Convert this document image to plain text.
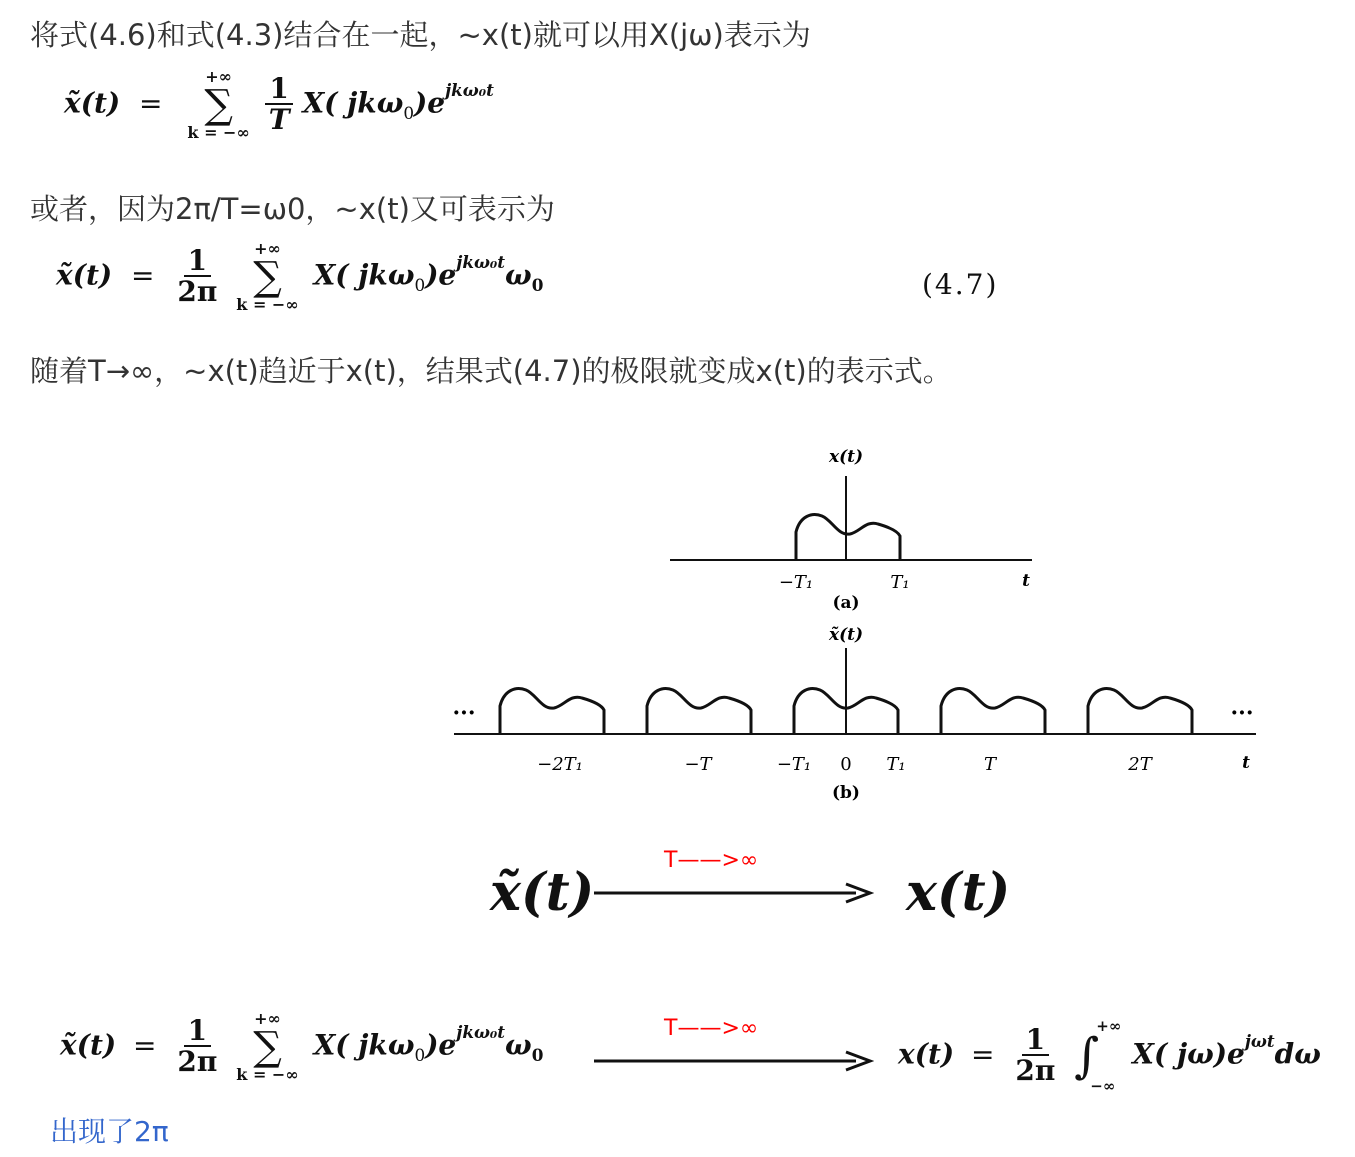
将式(4.6)和式(4.3)结合在一起，~x(t)就可以用X(jω)表示为
x̃(t) =
+∞
∑
k = −∞
$\frac{1}{T} X$( $jk\omega_0)e^{jk\omega_0t}$
或者，因为2π/T=ω0，~x(t)又可表示为
x̃(t) = $\frac{1}{2\pi}$
+∞
∑
k = −∞
X( $jk\omega_0)e^{jk\omega_0t}\omega_0$	(4.7)
随着T→∞，~x(t)趋近于x(t)，结果式(4.7)的极限就变成x(t)的表示式。
x(t)
−T₁	T₁	t
(a)
x̃(t)
···	···
−2T₁	−T	−T₁ 0 T₁	T	2T	t
(b)
x̃(t)
T——>∞
x(t)
x̃(t) = $\frac{1}{2\pi}$
+∞
∑
k = −∞
X( $jk\omega_0)e^{jk\omega_0t}\omega_0$
T——>∞
$x(t) = \frac{1}{2\pi}$
+∞
∫
−∞
X( $j\omega)e^{j\omega t}d\omega$
出现了2π
